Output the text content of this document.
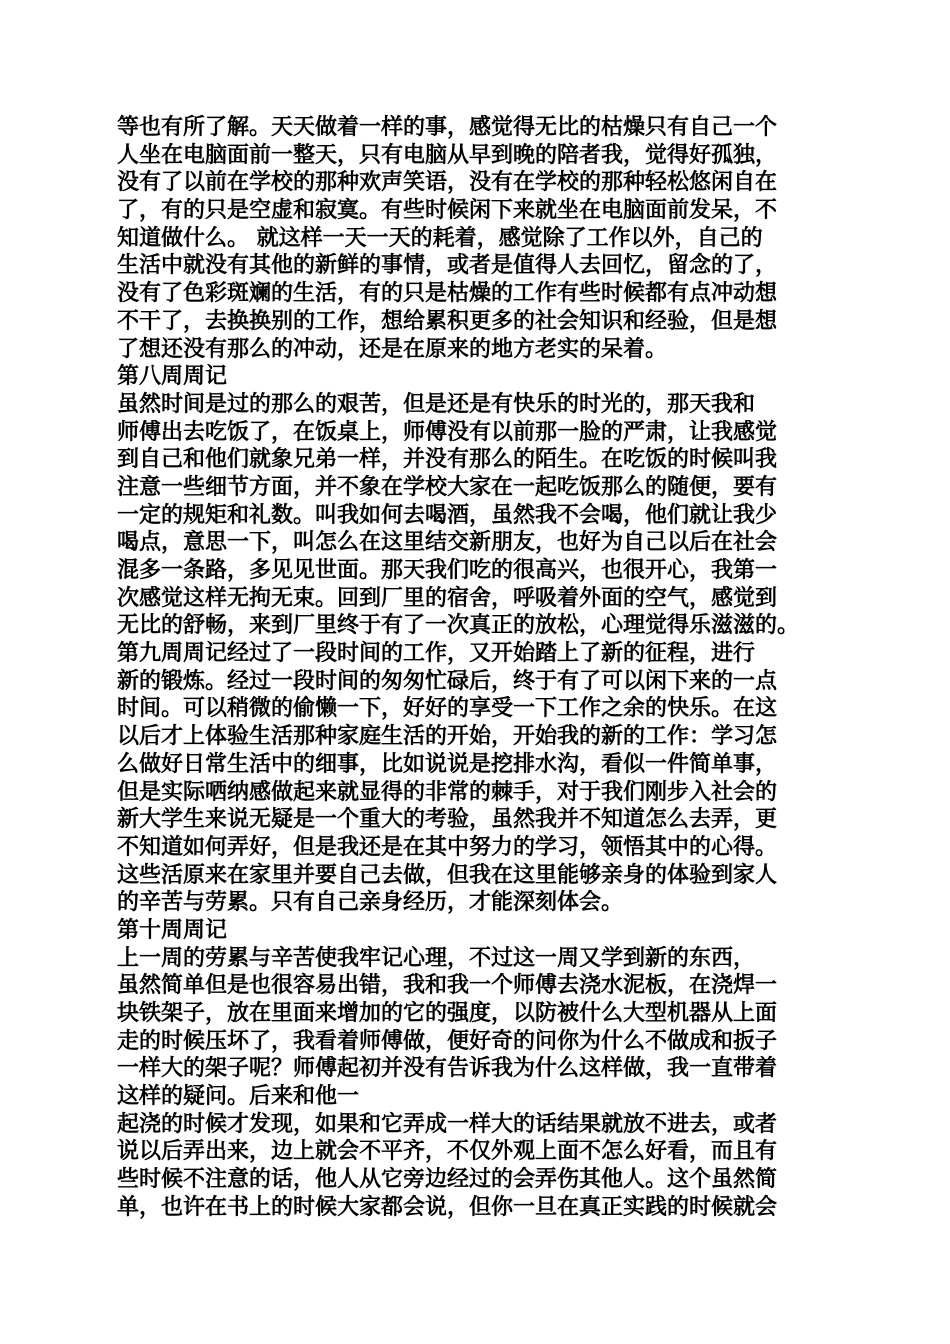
等也有所了解。天天做着一样的事，感觉得无比的枯燥只有自己一个
人坐在电脑面前一整天，只有电脑从早到晚的陪者我，觉得好孤独，
没有了以前在学校的那种欢声笑语，没有在学校的那种轻松悠闲自在
了，有的只是空虚和寂寞。有些时候闲下来就坐在电脑面前发呆，不
知道做什么。 就这样一天一天的耗着，感觉除了工作以外，自己的
生活中就没有其他的新鲜的事情，或者是值得人去回忆，留念的了，
没有了色彩斑斓的生活，有的只是枯燥的工作有些时候都有点冲动想
不干了，去换换别的工作，想给累积更多的社会知识和经验，但是想
了想还没有那么的冲动，还是在原来的地方老实的呆着。
第八周周记
虽然时间是过的那么的艰苦，但是还是有快乐的时光的，那天我和
师傅出去吃饭了，在饭桌上，师傅没有以前那一脸的严肃，让我感觉
到自己和他们就象兄弟一样，并没有那么的陌生。在吃饭的时候叫我
注意一些细节方面，并不象在学校大家在一起吃饭那么的随便，要有
一定的规矩和礼数。叫我如何去喝酒，虽然我不会喝，他们就让我少
喝点，意思一下，叫怎么在这里结交新朋友，也好为自己以后在社会
混多一条路，多见见世面。那天我们吃的很高兴，也很开心，我第一
次感觉这样无拘无束。回到厂里的宿舍，呼吸着外面的空气，感觉到
无比的舒畅，来到厂里终于有了一次真正的放松，心理觉得乐滋滋的。
第九周周记经过了一段时间的工作，又开始踏上了新的征程，进行
新的锻炼。经过一段时间的匆匆忙碌后，终于有了可以闲下来的一点
时间。可以稍微的偷懒一下，好好的享受一下工作之余的快乐。在这
以后才上体验生活那种家庭生活的开始，开始我的新的工作：学习怎
么做好日常生活中的细事，比如说说是挖排水沟，看似一件简单事，
但是实际哂纳感做起来就显得的非常的棘手，对于我们刚步入社会的
新大学生来说无疑是一个重大的考验，虽然我并不知道怎么去弄，更
不知道如何弄好，但是我还是在其中努力的学习，领悟其中的心得。
这些活原来在家里并要自己去做，但我在这里能够亲身的体验到家人
的辛苦与劳累。只有自己亲身经历，才能深刻体会。
第十周周记
上一周的劳累与辛苦使我牢记心理，不过这一周又学到新的东西，
虽然简单但是也很容易出错，我和我一个师傅去浇水泥板，在浇焊一
块铁架子，放在里面来增加的它的强度，以防被什么大型机器从上面
走的时候压坏了，我看着师傅做，便好奇的问你为什么不做成和扳子
一样大的架子呢？师傅起初并没有告诉我为什么这样做，我一直带着
这样的疑问。后来和他一
起浇的时候才发现，如果和它弄成一样大的话结果就放不进去，或者
说以后弄出来，边上就会不平齐，不仅外观上面不怎么好看，而且有
些时候不注意的话，他人从它旁边经过的会弄伤其他人。这个虽然简
单，也许在书上的时候大家都会说，但你一旦在真正实践的时候就会
